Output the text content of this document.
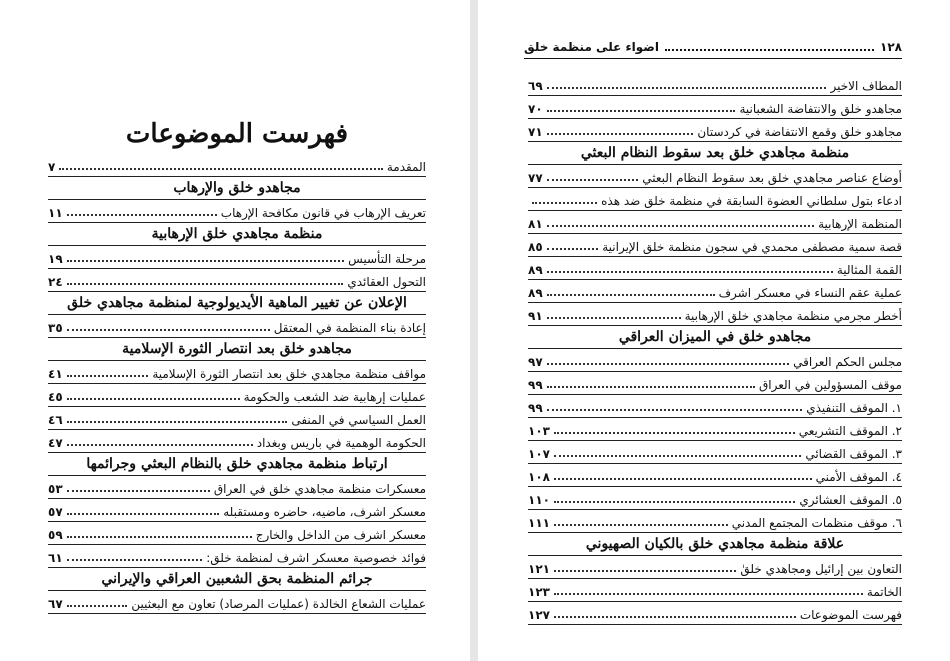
فهرست الموضوعات
المقدمة
٧
مجاهدو خلق والإرهاب
تعريف الإرهاب في قانون مكافحة الإرهاب
١١
منظمة مجاهدي خلق الإرهابية
مرحلة التأسيس
١٩
التحول العقائدي
٢٤
الإعلان عن تغيير الماهية الأيديولوجية لمنظمة مجاهدي خلق
إعادة بناء المنظمة في المعتقل
٣٥
مجاهدو خلق بعد انتصار الثورة الإسلامية
مواقف منظمة مجاهدي خلق بعد انتصار الثورة الإسلامية
٤١
عمليات إرهابية ضد الشعب والحكومة
٤٥
العمل السياسي في المنفى
٤٦
الحكومة الوهمية في باريس وبغداد
٤٧
ارتباط منظمة مجاهدي خلق بالنظام البعثي وجرائمها
معسكرات منظمة مجاهدي خلق في العراق
٥٣
معسكر اشرف، ماضيه، حاضره ومستقبله
٥٧
معسكر اشرف من الداخل والخارج
٥٩
فوائد خصوصية معسكر اشرف لمنظمة خلق:
٦١
جرائم المنظمة بحق الشعبين العراقي والإيراني
عمليات الشعاع الخالدة (عمليات المرصاد) تعاون مع البعثيين
٦٧
١٢٨
اضواء على منظمة خلق
المطاف الاخير
٦٩
مجاهدو خلق والانتفاضة الشعبانية
٧٠
مجاهدو خلق وقمع الانتفاضة في كردستان
٧١
منظمة مجاهدي خلق بعد سقوط النظام البعثي
أوضاع عناصر مجاهدي خلق بعد سقوط النظام البعثي
٧٧
ادعاء بتول سلطاني العضوة السابقة في منظمة خلق ضد هذه
المنظمة الإرهابية
٨١
قصة سمية مصطفى محمدي في سجون منظمة خلق الإيرانية
٨٥
القمة المثالية
٨٩
عملية عقم النساء في معسكر اشرف
٨٩
أخطر مجرمي منظمة مجاهدي خلق الإرهابية
٩١
مجاهدو خلق في الميزان العراقي
مجلس الحكم العراقي
٩٧
موقف المسؤولين في العراق
٩٩
١. الموقف التنفيذي
٩٩
٢. الموقف التشريعي
١٠٣
٣. الموقف القضائي
١٠٧
٤. الموقف الأمني
١٠٨
٥. الموقف العشائري
١١٠
٦. موقف منظمات المجتمع المدني
١١١
علاقة منظمة مجاهدي خلق بالكيان الصهيوني
التعاون بين إرائيل ومجاهدي خلقٰ
١٢١
الخاتمة
١٢٣
فهرست الموضوعات
١٢٧
